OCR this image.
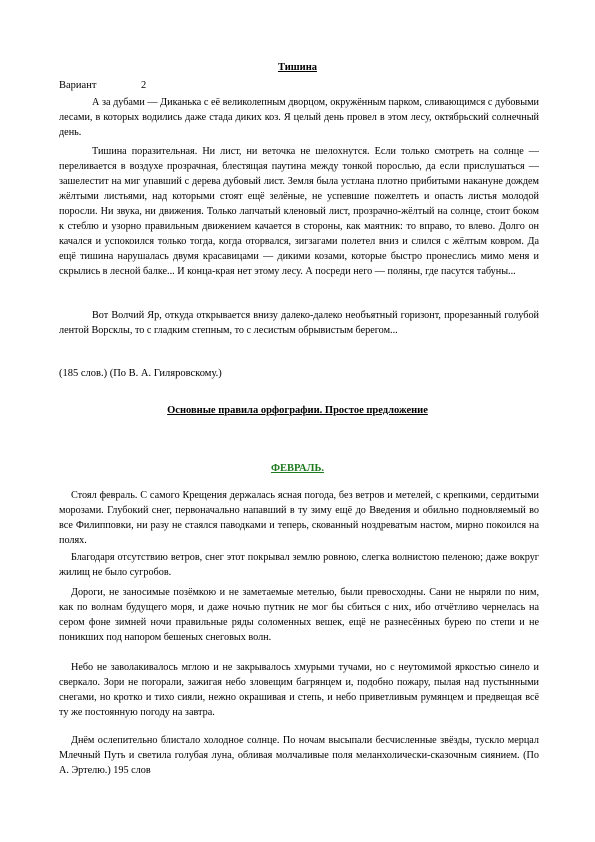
Тишина
Вариант	2

А за дубами — Диканька с её великолепным дворцом, окружённым парком, сливающимся с дубовыми лесами, в которых водились даже стада диких коз. Я целый день провел в этом лесу, октябрьский солнечный день.

Тишина поразительная. Ни лист, ни веточка не шелохнутся. Если только смотреть на солнце — переливается в воздухе прозрачная, блестящая паутина между тонкой порослью, да если прислушаться — зашелестит на миг упавший с дерева дубовый лист. Земля была устлана плотно прибитыми накануне дождем жёлтыми листьями, над которыми стоят ещё зелёные, не успевшие пожелтеть и опасть листья молодой поросли. Ни звука, ни движения. Только лапчатый кленовый лист, прозрачно-жёлтый на солнце, стоит боком к стеблю и узорно правильным движением качается в стороны, как маятник: то вправо, то влево. Долго он качался и успокоился только тогда, когда оторвался, зигзагами полетел вниз и слился с жёлтым ковром. Да ещё тишина нарушалась двумя красавицами — дикими козами, которые быстро пронеслись мимо меня и скрылись в лесной балке... И конца-края нет этому лесу. А посреди него — поляны, где пасутся табуны...

Вот Волчий Яр, откуда открывается внизу далеко-далеко необъятный горизонт, прорезанный голубой лентой Ворсклы, то с гладким степным, то с лесистым обрывистым берегом...

(185 слов.) (По В. А. Гиляровскому.)
Основные правила орфографии. Простое предложение
ФЕВРАЛЬ.

Стоял февраль. С самого Крещения держалась ясная погода, без ветров и метелей, с крепкими, сердитыми морозами. Глубокий снег, первоначально напавший в ту зиму ещё до Введения и обильно подновляемый во все Филипповки, ни разу не стаялся паводками и теперь, скованный ноздреватым настом, мирно покоился на полях.

Благодаря отсутствию ветров, снег этот покрывал землю ровною, слегка волнистою пеленою; даже вокруг жилищ не было сугробов.

Дороги, не заносимые позёмкою и не заметаемые метелью, были превосходны. Сани не ныряли по ним, как по волнам будущего моря, и даже ночью путник не мог бы сбиться с них, ибо отчётливо чернелась на сером фоне зимней ночи правильные ряды соломенных вешек, ещё не разнесённых бурею по степи и не поникших под напором бешеных снеговых волн.

Небо не заволакивалось мглою и не закрывалось хмурыми тучами, но с неутомимой яркостью синело и сверкало. Зори не погорали, зажигая небо зловещим багрянцем и, подобно пожару, пылая над пустынными снегами, но кротко и тихо сияли, нежно окрашивая и степь, и небо приветливым румянцем и предвещая всё ту же постоянную погоду на завтра.

Днём ослепительно блистало холодное солнце. По ночам высыпали бесчисленные звёзды, тускло мерцал Млечный Путь и светила голубая луна, обливая молчаливые поля меланхолически-сказочным сиянием. (По А. Эртелю.) 195 слов
